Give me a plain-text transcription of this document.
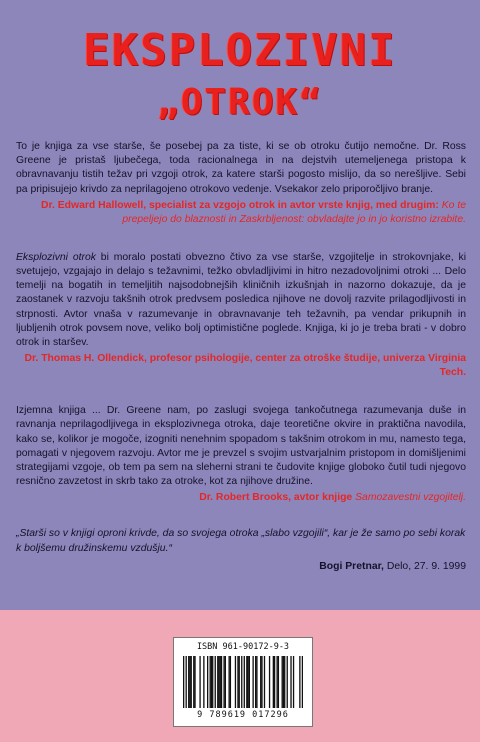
EKSPLOZIVNI
„OTROK“

To je knjiga za vse starše, še posebej pa za tiste, ki se ob otroku čutijo nemočne. Dr. Ross Greene je pristaš ljubečega, toda racionalnega in na dejstvih utemeljenega pristopa k obravnavanju tistih težav pri vzgoji otrok, za katere starši pogosto mislijo, da so nerešljive. Sebi pa pripisujejo krivdo za neprilagojeno otrokovo vedenje. Vsekakor zelo priporočljivo branje.

Dr. Edward Hallowell, specialist za vzgojo otrok in avtor vrste knjig, med drugim: Ko te prepeljejo do blaznosti in Zaskrbljenost: obvladajte jo in jo koristno izrabite.

Eksplozivni otrok bi moralo postati obvezno čtivo za vse starše, vzgojitelje in strokovnjake, ki svetujejo, vzgajajo in delajo s težavnimi, težko obvladljivimi in hitro nezadovoljnimi otroki ... Delo temelji na bogatih in temeljitih najsodobnejših kliničnih izkušnjah in nazorno dokazuje, da je zaostanek v razvoju takšnih otrok predvsem posledica njihove ne dovolj razvite prilagodljivosti in strpnosti. Avtor vnaša v razumevanje in obravnavanje teh težavnih, pa vendar prikupnih in ljubljenih otrok povsem nove, veliko bolj optimistične poglede. Knjiga, ki jo je treba brati - v dobro otrok in staršev.

Dr. Thomas H. Ollendick, profesor psihologije, center za otroške študije, univerza Virginia Tech.

Izjemna knjiga ... Dr. Greene nam, po zaslugi svojega tankočutnega razumevanja duše in ravnanja neprilagodljivega in eksplozivnega otroka, daje teoretične okvire in praktična navodila, kako se, kolikor je mogoče, izogniti nenehnim spopadom s takšnim otrokom in mu, namesto tega, pomagati v njegovem razvoju. Avtor me je prevzel s svojim ustvarjalnim pristopom in domišljenimi strategijami vzgoje, ob tem pa sem na sleherni strani te čudovite knjige globoko čutil tudi njegovo resnično zavzetost in skrb tako za otroke, kot za njihove družine.

Dr. Robert Brooks, avtor knjige Samozavestni vzgojitelj.

„Starši so v knjigi oproni krivde, da so svojega otroka „slabo vzgojili“, kar je že samo po sebi korak k boljšemu družinskemu vzdušju.“

Bogi Pretnar, Delo, 27. 9. 1999

ISBN 961-90172-9-3
9 789619 017296
